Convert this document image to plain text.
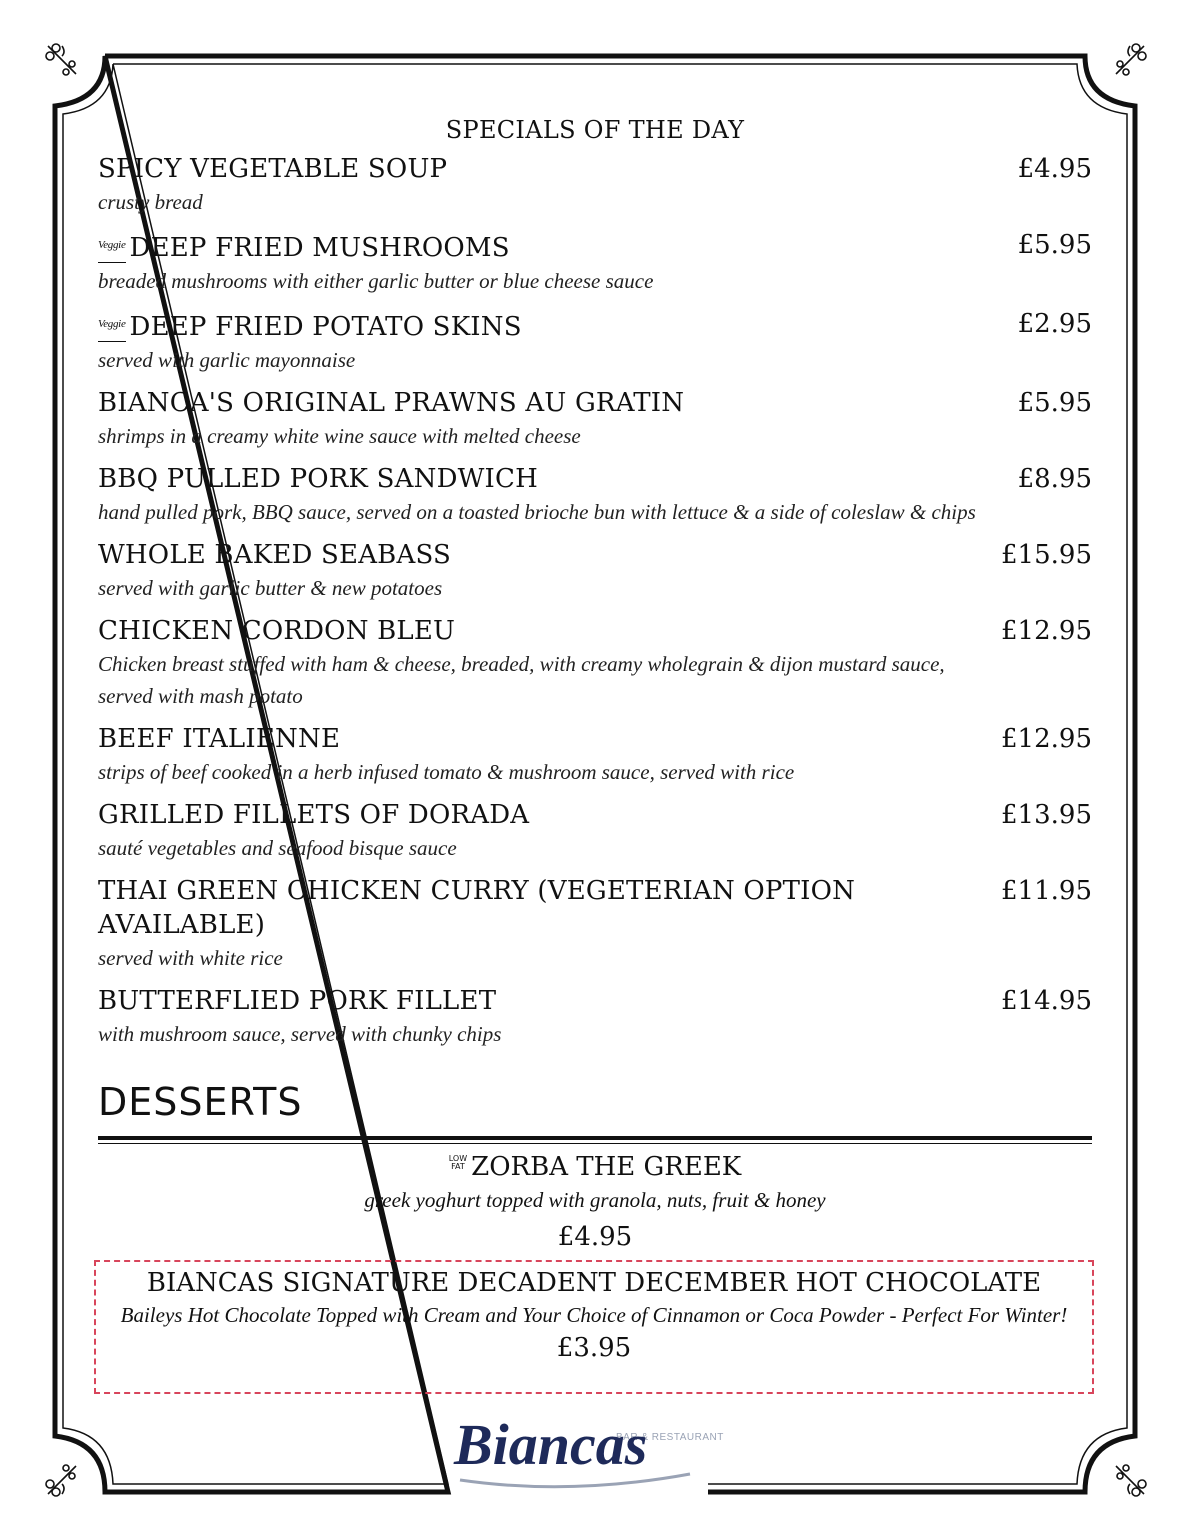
SPECIALS OF THE DAY
SPICY VEGETABLE SOUP	£4.95
crusty bread
Veggie DEEP FRIED MUSHROOMS	£5.95
breaded mushrooms with either garlic butter or blue cheese sauce
Veggie DEEP FRIED POTATO SKINS	£2.95
served with garlic mayonnaise
BIANCA'S ORIGINAL PRAWNS AU GRATIN	£5.95
shrimps in a creamy white wine sauce with melted cheese
BBQ PULLED PORK SANDWICH	£8.95
hand pulled pork, BBQ sauce, served on a toasted brioche bun with lettuce & a side of coleslaw & chips
WHOLE BAKED SEABASS	£15.95
served with garlic butter & new potatoes
CHICKEN CORDON BLEU	£12.95
Chicken breast stuffed with ham & cheese, breaded, with creamy wholegrain & dijon mustard sauce, served with mash potato
BEEF ITALIENNE	£12.95
strips of beef cooked in a herb infused tomato & mushroom sauce, served with rice
GRILLED FILLETS OF DORADA	£13.95
sauté vegetables and seafood bisque sauce
THAI GREEN CHICKEN CURRY (VEGETERIAN OPTION AVAILABLE)
£11.95
served with white rice
BUTTERFLIED PORK FILLET	£14.95
with mushroom sauce, served with chunky chips
DESSERTS
LOW
FAT ZORBA THE GREEK
greek yoghurt topped with granola, nuts, fruit & honey
£4.95
BIANCAS SIGNATURE DECADENT DECEMBER HOT CHOCOLATE
Baileys Hot Chocolate Topped with Cream and Your Choice of Cinnamon or Coca Powder - Perfect For Winter!
£3.95
BAR & RESTAURANT
Biancas
